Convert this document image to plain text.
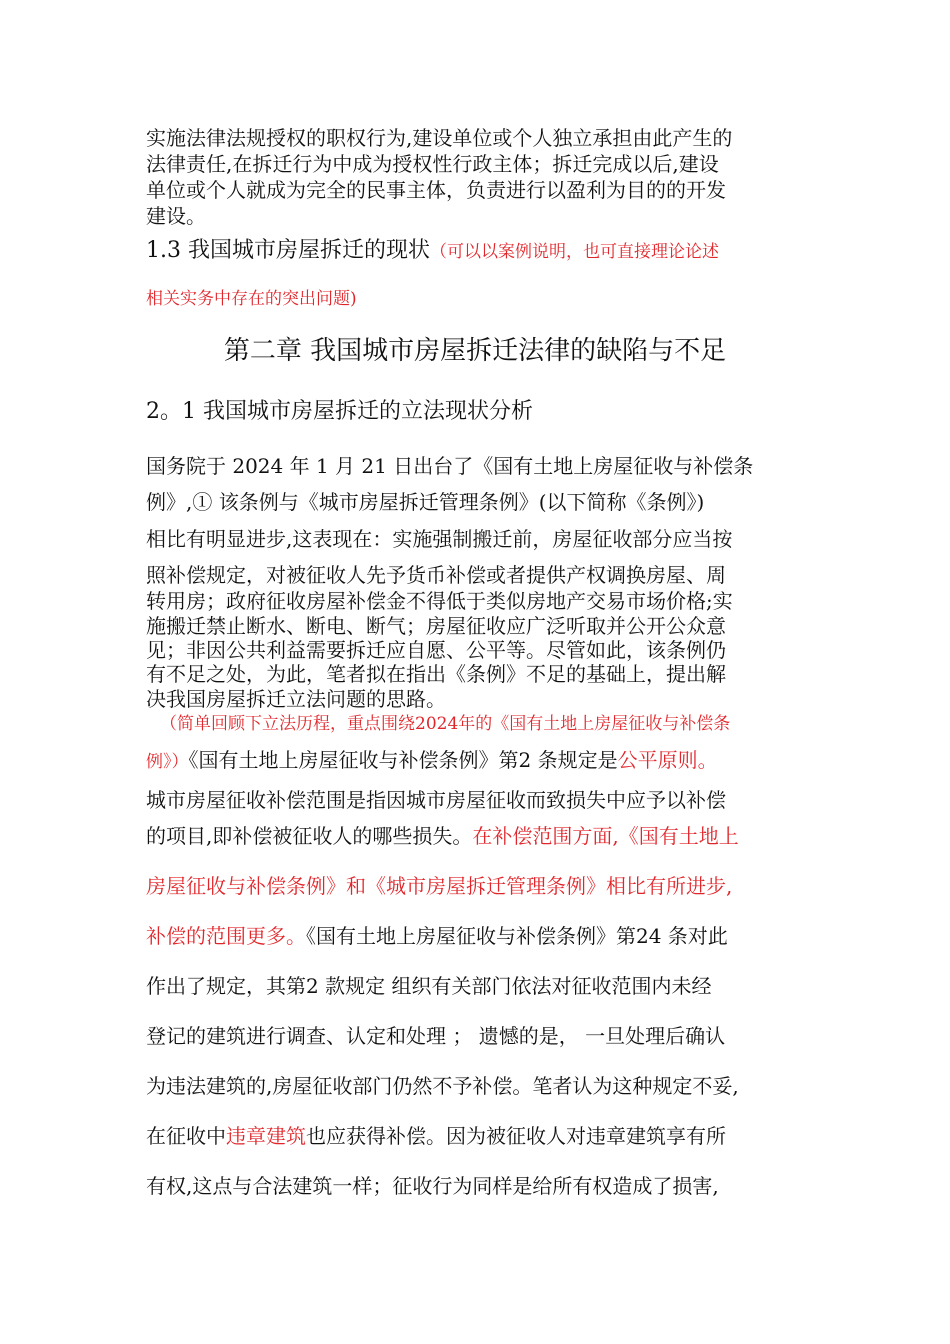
实施法律法规授权的职权行为,建设单位或个人独立承担由此产生的
法律责任,在拆迁行为中成为授权性行政主体；拆迁完成以后,建设
单位或个人就成为完全的民事主体，负责进行以盈利为目的的开发
建设。
1.3 我国城市房屋拆迁的现状（可以以案例说明，也可直接理论论述
相关实务中存在的突出问题)
第二章 我国城市房屋拆迁法律的缺陷与不足
2。1 我国城市房屋拆迁的立法现状分析
国务院于 2024 年 1 月 21 日出台了《国有土地上房屋征收与补偿条
例》,① 该条例与《城市房屋拆迁管理条例》(以下简称《条例》)
相比有明显进步,这表现在：实施强制搬迁前，房屋征收部分应当按
照补偿规定，对被征收人先予货币补偿或者提供产权调换房屋、周
转用房；政府征收房屋补偿金不得低于类似房地产交易市场价格;实
施搬迁禁止断水、断电、断气；房屋征收应广泛听取并公开公众意
见；非因公共利益需要拆迁应自愿、公平等。尽管如此，该条例仍
有不足之处，为此，笔者拟在指出《条例》不足的基础上，提出解
决我国房屋拆迁立法问题的思路。
（简单回顾下立法历程，重点围绕2024年的《国有土地上房屋征收与补偿条
例》）《国有土地上房屋征收与补偿条例》第2 条规定是公平原则。
城市房屋征收补偿范围是指因城市房屋征收而致损失中应予以补偿
的项目,即补偿被征收人的哪些损失。在补偿范围方面,《国有土地上
房屋征收与补偿条例》和《城市房屋拆迁管理条例》相比有所进步,
补偿的范围更多。《国有土地上房屋征收与补偿条例》第24 条对此
作出了规定，其第2 款规定 组织有关部门依法对征收范围内未经
登记的建筑进行调查、认定和处理 ； 遗憾的是， 一旦处理后确认
为违法建筑的,房屋征收部门仍然不予补偿。笔者认为这种规定不妥,
在征收中违章建筑也应获得补偿。因为被征收人对违章建筑享有所
有权,这点与合法建筑一样；征收行为同样是给所有权造成了损害,
